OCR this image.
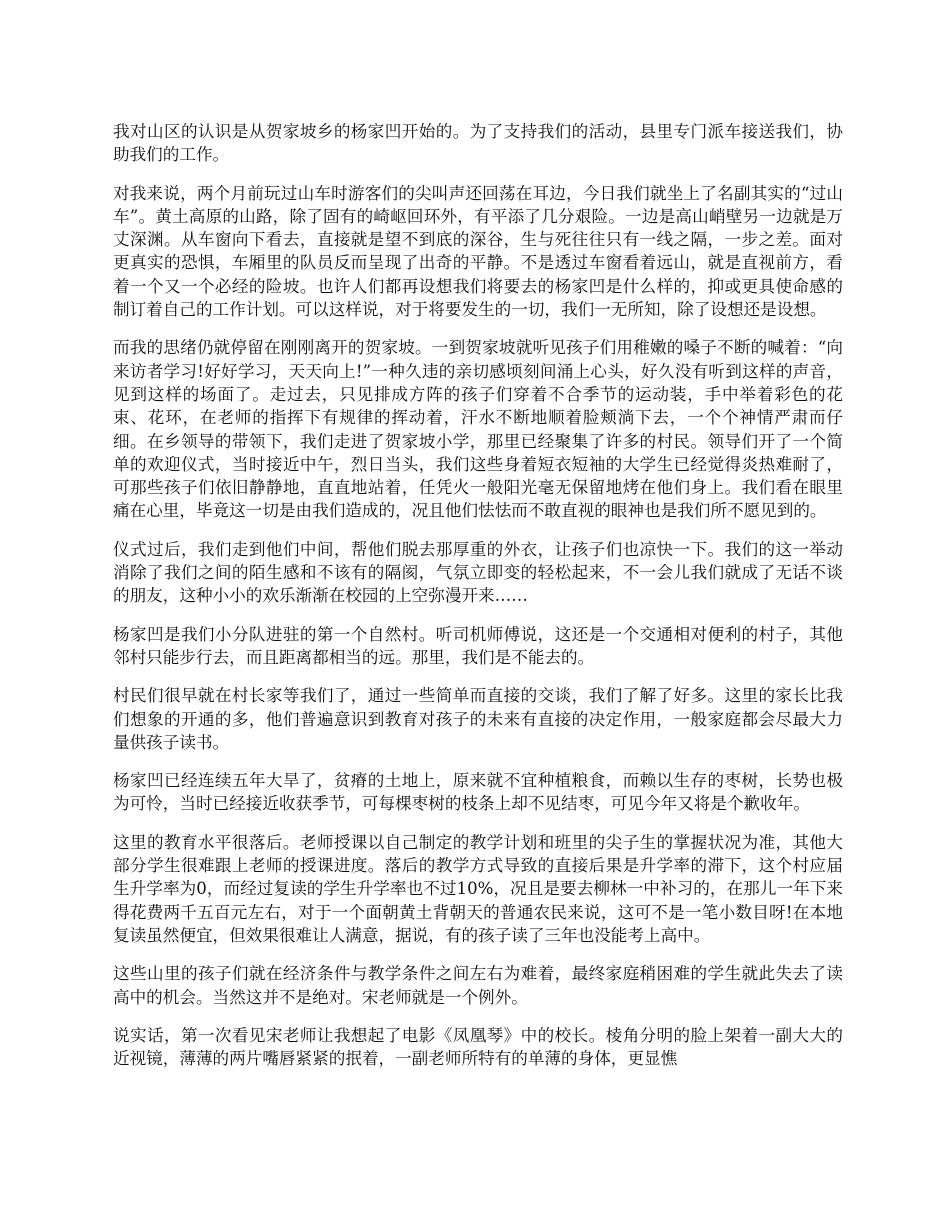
我对山区的认识是从贺家坡乡的杨家凹开始的。为了支持我们的活动，县里专门派车接送我们，协助我们的工作。

对我来说，两个月前玩过山车时游客们的尖叫声还回荡在耳边，今日我们就坐上了名副其实的“过山车”。黄土高原的山路，除了固有的崎岖回环外，有平添了几分艰险。一边是高山峭壁另一边就是万丈深渊。从车窗向下看去，直接就是望不到底的深谷，生与死往往只有一线之隔，一步之差。面对更真实的恐惧，车厢里的队员反而呈现了出奇的平静。不是透过车窗看着远山，就是直视前方，看着一个又一个必经的险坡。也许人们都再设想我们将要去的杨家凹是什么样的，抑或更具使命感的制订着自己的工作计划。可以这样说，对于将要发生的一切，我们一无所知，除了设想还是设想。

而我的思绪仍就停留在刚刚离开的贺家坡。一到贺家坡就听见孩子们用稚嫩的嗓子不断的喊着：“向来访者学习!好好学习，天天向上!”一种久违的亲切感顷刻间涌上心头，好久没有听到这样的声音，见到这样的场面了。走过去，只见排成方阵的孩子们穿着不合季节的运动装，手中举着彩色的花束、花环，在老师的指挥下有规律的挥动着，汗水不断地顺着脸颊淌下去，一个个神情严肃而仔细。在乡领导的带领下，我们走进了贺家坡小学，那里已经聚集了许多的村民。领导们开了一个简单的欢迎仪式，当时接近中午，烈日当头，我们这些身着短衣短袖的大学生已经觉得炎热难耐了，可那些孩子们依旧静静地，直直地站着，任凭火一般阳光毫无保留地烤在他们身上。我们看在眼里痛在心里，毕竟这一切是由我们造成的，况且他们怯怯而不敢直视的眼神也是我们所不愿见到的。

仪式过后，我们走到他们中间，帮他们脱去那厚重的外衣，让孩子们也凉快一下。我们的这一举动消除了我们之间的陌生感和不该有的隔阂，气氛立即变的轻松起来，不一会儿我们就成了无话不谈的朋友，这种小小的欢乐渐渐在校园的上空弥漫开来……

杨家凹是我们小分队进驻的第一个自然村。听司机师傅说，这还是一个交通相对便利的村子，其他邻村只能步行去，而且距离都相当的远。那里，我们是不能去的。

村民们很早就在村长家等我们了，通过一些简单而直接的交谈，我们了解了好多。这里的家长比我们想象的开通的多，他们普遍意识到教育对孩子的未来有直接的决定作用，一般家庭都会尽最大力量供孩子读书。

杨家凹已经连续五年大旱了，贫瘠的土地上，原来就不宜种植粮食，而赖以生存的枣树，长势也极为可怜，当时已经接近收获季节，可每棵枣树的枝条上却不见结枣，可见今年又将是个歉收年。

这里的教育水平很落后。老师授课以自己制定的教学计划和班里的尖子生的掌握状况为准，其他大部分学生很难跟上老师的授课进度。落后的教学方式导致的直接后果是升学率的滞下，这个村应届生升学率为0，而经过复读的学生升学率也不过10%，况且是要去柳林一中补习的，在那儿一年下来得花费两千五百元左右，对于一个面朝黄土背朝天的普通农民来说，这可不是一笔小数目呀!在本地复读虽然便宜，但效果很难让人满意，据说，有的孩子读了三年也没能考上高中。

这些山里的孩子们就在经济条件与教学条件之间左右为难着，最终家庭稍困难的学生就此失去了读高中的机会。当然这并不是绝对。宋老师就是一个例外。

说实话，第一次看见宋老师让我想起了电影《凤凰琴》中的校长。棱角分明的脸上架着一副大大的近视镜，薄薄的两片嘴唇紧紧的抿着，一副老师所特有的单薄的身体，更显憔
